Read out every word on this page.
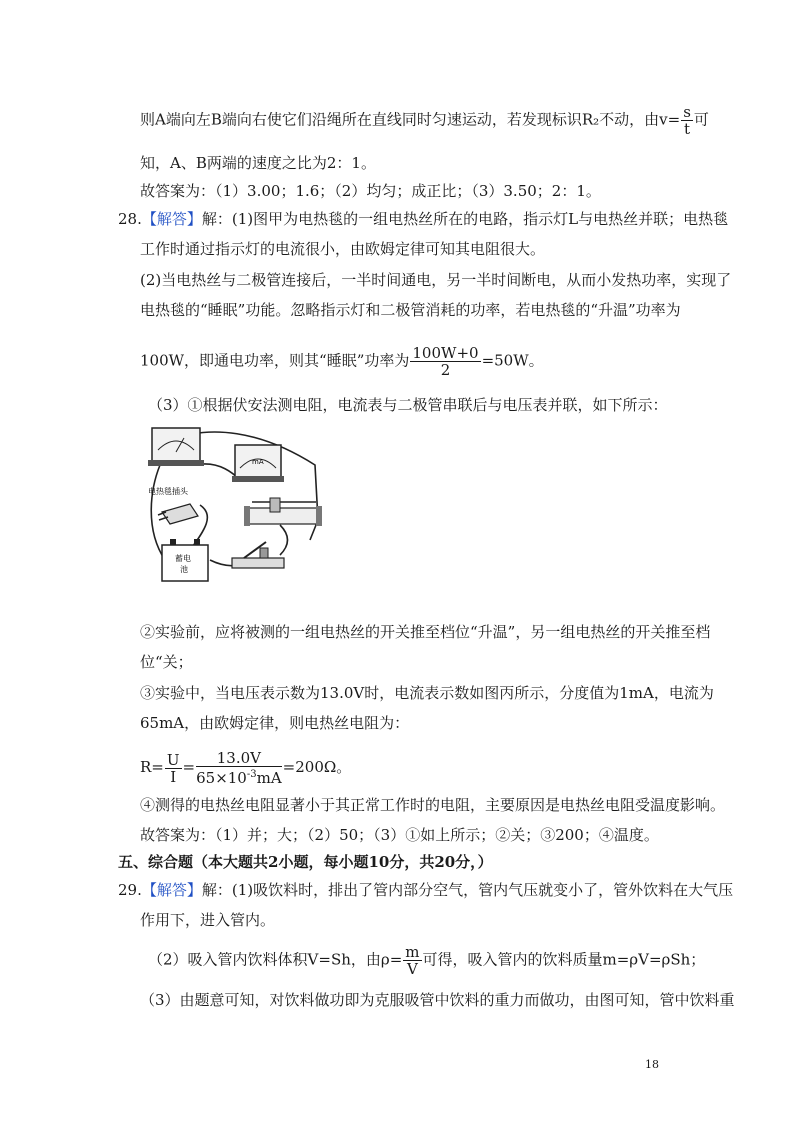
则A端向左B端向右使它们沿绳所在直线同时匀速运动，若发现标识R₂不动，由$v= \frac{s}{t}$ 可
知，A、B两端的速度之比为2：1。
故答案为：（1）3.00；1.6；（2）均匀；成正比；（3）3.50；2：1。
28.【解答】解：(1)图甲为电热毯的一组电热丝所在的电路，指示灯L与电热丝并联；电热毯
工作时通过指示灯的电流很小，由欧姆定律可知其电阻很大。
(2)当电热丝与二极管连接后，一半时间通电，另一半时间断电，从而小发热功率，实现了
电热毯的“睡眠”功能。忽略指示灯和二极管消耗的功率，若电热毯的“升温”功率为
100W，即通电功率，则其“睡眠”功率为 $\frac{100W+0}{2} =50W$。
（3）①根据伏安法测电阻，电流表与二极管串联后与电压表并联，如下所示：
mA
电热毯插头
蓄电
池
②实验前，应将被测的一组电热丝的开关推至档位“升温”，另一组电热丝的开关推至档
位“关；
③实验中，当电压表示数为13.0V时，电流表示数如图丙所示，分度值为1mA，电流为
65mA，由欧姆定律，则电热丝电阻为：
$R= \frac{U}{I} = \frac{13.0V}{65\times 10^{-3}mA} =200\Omega$。
④测得的电热丝电阻显著小于其正常工作时的电阻，主要原因是电热丝电阻受温度影响。
故答案为：（1）并；大；（2）50；（3）①如上所示；②关；③200；④温度。
五、综合题（本大题共2小题，每小题10分，共20分，）
29.【解答】解：(1)吸饮料时，排出了管内部分空气，管内气压就变小了，管外饮料在大气压
作用下，进入管内。
（2）吸入管内饮料体积V=Sh，由$\rho= \frac{m}{V}$ 可得，吸入管内的饮料质量m=ρV=ρSh；
（3）由题意可知，对饮料做功即为克服吸管中饮料的重力而做功，由图可知，管中饮料重
18
